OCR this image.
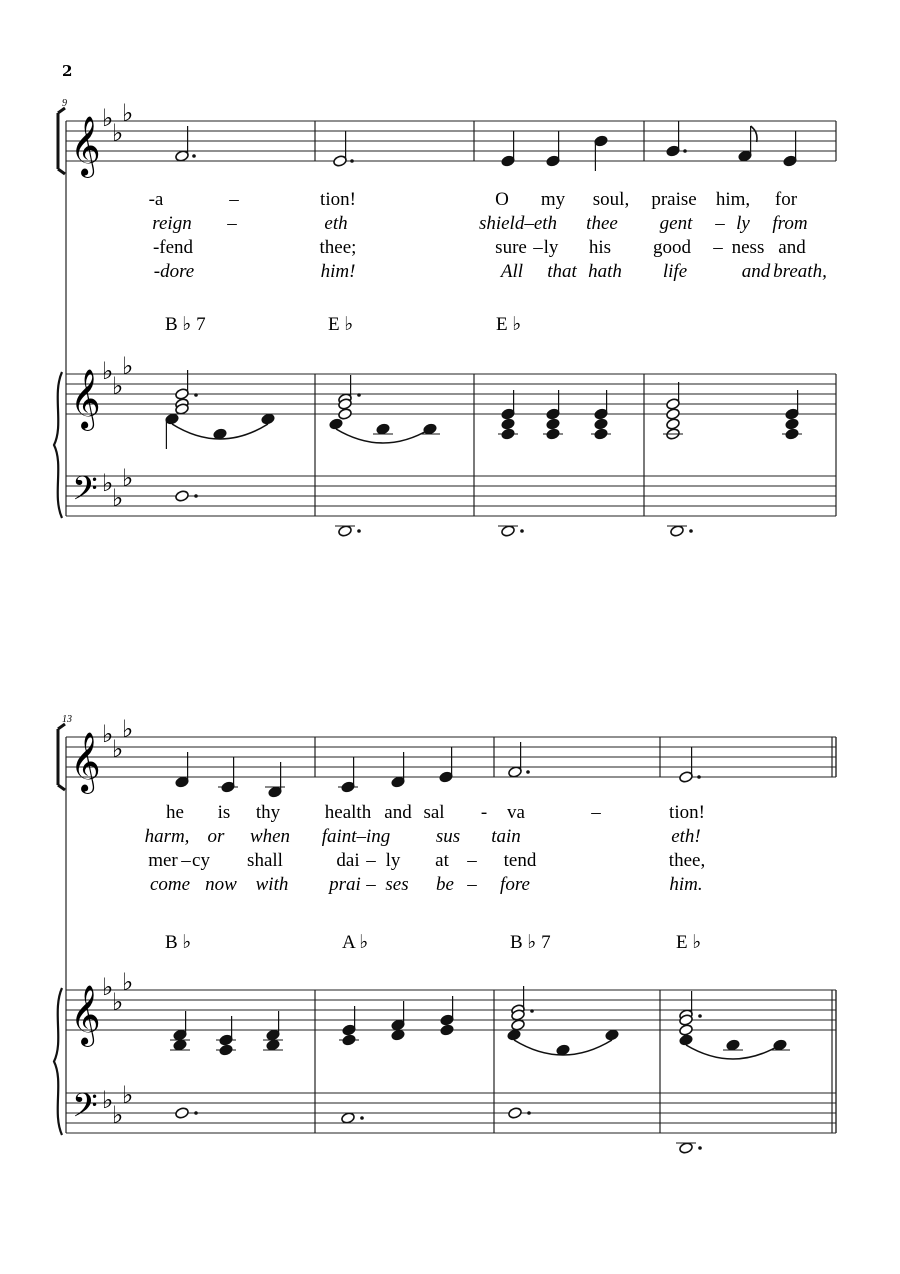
2
𝄞 ♭
♭
♭
𝄞 ♭
♭
♭
𝄢 ♭
♭
♭
9
B ♭ 7	E ♭	E ♭
-a	–	tion!	O my soul, praise him, for
reign –	eth	shield–eth thee gent – ly from
-fend	thee;	sure – ly his good – ness and
-dore	him!	All that hath life	and breath,
𝄞 ♭
♭
♭
𝄞 ♭
♭
♭
𝄢 ♭
♭
♭
13
B ♭	A ♭	B ♭ 7	E ♭
he is thy health and sal - va	–	tion!
harm, or when faint–ing sus tain	eth!
mer – cy shall	dai – ly at – tend	thee,
come now with prai – ses be – fore	him.
